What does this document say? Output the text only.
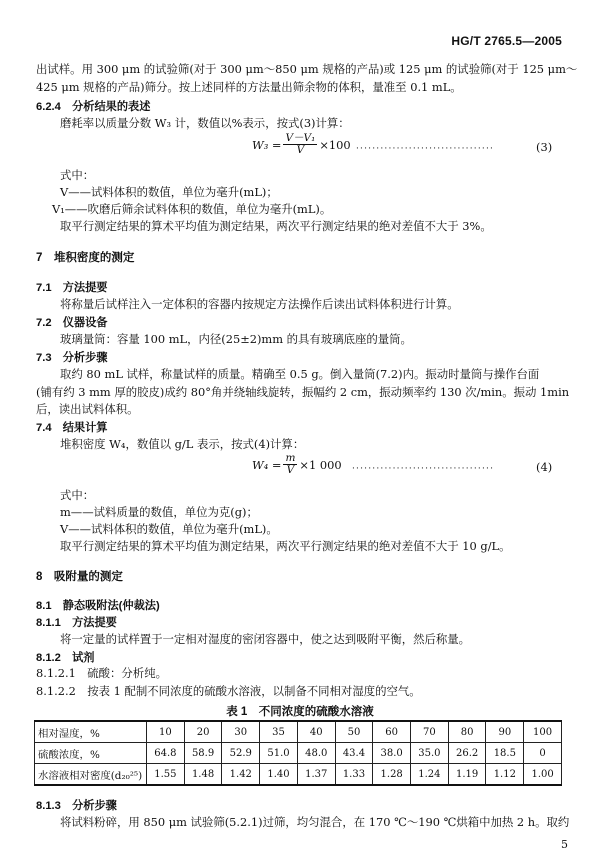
HG/T 2765.5—2005
出试样。用 300 μm 的试验筛(对于 300 μm～850 μm 规格的产品)或 125 μm 的试验筛(对于 125 μm～
425 μm 规格的产品)筛分。按上述同样的方法量出筛余物的体积，量准至 0.1 mL。
6.2.4　分析结果的表述
磨耗率以质量分数 W₃ 计，数值以%表示，按式(3)计算：
$W_3 = \frac{\text{V－V₁}}{V} \times 100$ ··································	(3)
式中：
V——试料体积的数值，单位为毫升(mL)；
V₁——吹磨后筛余试料体积的数值，单位为毫升(mL)。
取平行测定结果的算术平均值为测定结果，两次平行测定结果的绝对差值不大于 3%。
7　堆积密度的测定
7.1　方法提要
将称量后试样注入一定体积的容器内按规定方法操作后读出试料体积进行计算。
7.2　仪器设备
玻璃量筒：容量 100 mL，内径(25±2)mm 的具有玻璃底座的量筒。
7.3　分析步骤
取约 80 mL 试样，称量试样的质量。精确至 0.5 g。倒入量筒(7.2)内。振动时量筒与操作台面
(铺有约 3 mm 厚的胶皮)成约 80°角并绕轴线旋转，振幅约 2 cm，振动频率约 130 次/min。振动 1min
后，读出试料体积。
7.4　结果计算
堆积密度 W₄，数值以 g/L 表示，按式(4)计算：
$W_4 = \frac{m}{V} \times 1$ 000 ···································	(4)
式中：
m——试料质量的数值，单位为克(g)；
V——试料体积的数值，单位为毫升(mL)。
取平行测定结果的算术平均值为测定结果，两次平行测定结果的绝对差值不大于 10 g/L。
8　吸附量的测定
8.1　静态吸附法(仲裁法)
8.1.1　方法提要
将一定量的试样置于一定相对湿度的密闭容器中，使之达到吸附平衡，然后称量。
8.1.2　试剂
8.1.2.1　硫酸：分析纯。
8.1.2.2　按表 1 配制不同浓度的硫酸水溶液，以制备不同相对湿度的空气。
表 1　不同浓度的硫酸水溶液
相对湿度，%	10	20	30	35	40	50	60	70	80	90	100
硫酸浓度，%	64.8	58.9	52.9	51.0	48.0	43.4	38.0	35.0	26.2	18.5	0
水溶液相对密度(d₂₀²⁵)	1.55	1.48	1.42	1.40	1.37	1.33	1.28	1.24	1.19	1.12	1.00
8.1.3　分析步骤
将试料粉碎，用 850 μm 试验筛(5.2.1)过筛，均匀混合，在 170 ℃～190 ℃烘箱中加热 2 h。取约
5
